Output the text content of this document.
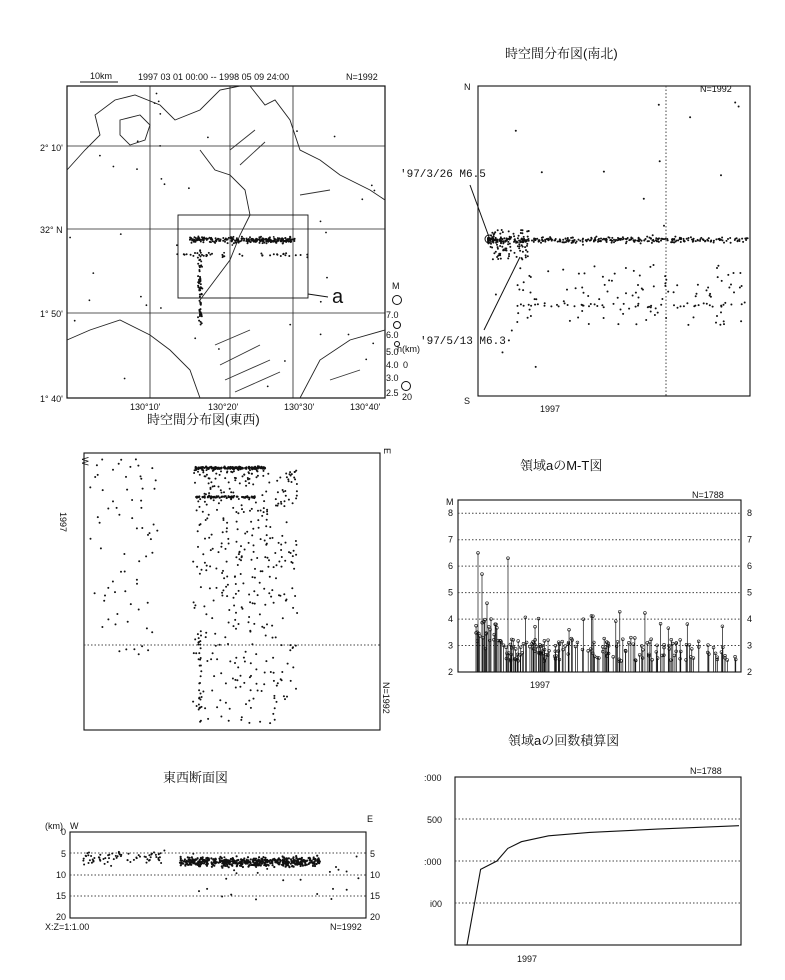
10km	1997 03 01 00:00 -- 1998 05 09 24:00	N=1992
a
2° 10'
32° N
1° 50'
1° 40'
130°10'	130°20'	130°30'	130°40'
M
7.0
6.0
5.0
4.0
3.0
2.5
h(km)
0
20
時空間分布図(南北)
N
S
N=1992
1997
'97/3/26 M6.5
'97/5/13 M6.3
時空間分布図(東西)
W
E
1997
N=1992
領域aのM-T図
N=1788
M
8	8
7	7
6	6
5	5
4	4
3	3
2	2
1997
領域aの回数積算図
N=1788
:000
500
:000
i00
1997
東西断面図
(km) W
E
0
5
10
15
20
5
10
15
20
X:Z=1:1.00	N=1992
